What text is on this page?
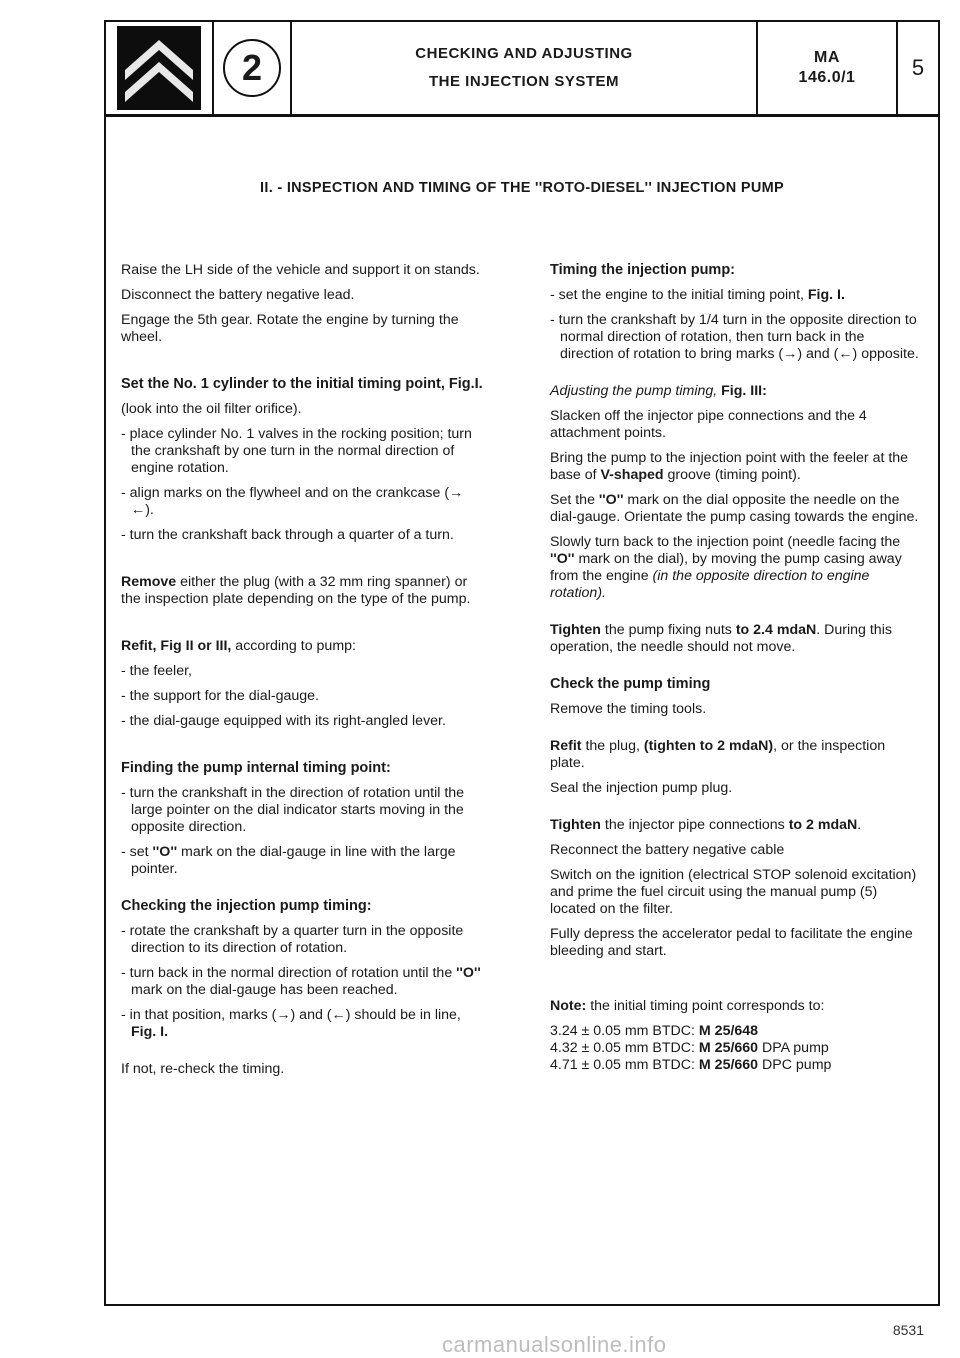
2	CHECKING AND ADJUSTING
THE INJECTION SYSTEM
MA
146.0/1	5
II. - INSPECTION AND TIMING OF THE ''ROTO-DIESEL'' INJECTION PUMP

Raise the LH side of the vehicle and support it on stands.

Disconnect the battery negative lead.

Engage the 5th gear. Rotate the engine by turning the wheel.

Set the No. 1 cylinder to the initial timing point, Fig.I.

(look into the oil filter orifice).

- place cylinder No. 1 valves in the rocking position; turn the crankshaft by one turn in the normal direction of engine rotation.

- align marks on the flywheel and on the crankcase (→ ←).

- turn the crankshaft back through a quarter of a turn.

Remove either the plug (with a 32 mm ring spanner) or the inspection plate depending on the type of the pump.

Refit, Fig II or III, according to pump:

- the feeler,

- the support for the dial-gauge.

- the dial-gauge equipped with its right-angled lever.

Finding the pump internal timing point:

- turn the crankshaft in the direction of rotation until the large pointer on the dial indicator starts moving in the opposite direction.

- set ''O'' mark on the dial-gauge in line with the large pointer.

Checking the injection pump timing:

- rotate the crankshaft by a quarter turn in the opposite direction to its direction of rotation.

- turn back in the normal direction of rotation until the ''O'' mark on the dial-gauge has been reached.

- in that position, marks (→) and (←) should be in line, Fig. I.

If not, re-check the timing.

Timing the injection pump:

- set the engine to the initial timing point, Fig. I.

- turn the crankshaft by 1/4 turn in the opposite direction to normal direction of rotation, then turn back in the direction of rotation to bring marks (→) and (←) opposite.

Adjusting the pump timing, Fig. III:

Slacken off the injector pipe connections and the 4 attachment points.

Bring the pump to the injection point with the feeler at the base of V-shaped groove (timing point).

Set the ''O'' mark on the dial opposite the needle on the dial-gauge. Orientate the pump casing towards the engine.

Slowly turn back to the injection point (needle facing the ''O'' mark on the dial), by moving the pump casing away from the engine (in the opposite direction to engine rotation).

Tighten the pump fixing nuts to 2.4 mdaN. During this operation, the needle should not move.

Check the pump timing

Remove the timing tools.

Refit the plug, (tighten to 2 mdaN), or the inspection plate.

Seal the injection pump plug.

Tighten the injector pipe connections to 2 mdaN.

Reconnect the battery negative cable

Switch on the ignition (electrical STOP solenoid excitation) and prime the fuel circuit using the manual pump (5) located on the filter.

Fully depress the accelerator pedal to facilitate the engine bleeding and start.

Note: the initial timing point corresponds to:

3.24 ± 0.05 mm BTDC: M 25/648
4.32 ± 0.05 mm BTDC: M 25/660 DPA pump
4.71 ± 0.05 mm BTDC: M 25/660 DPC pump
8531
carmanualsonline.info
